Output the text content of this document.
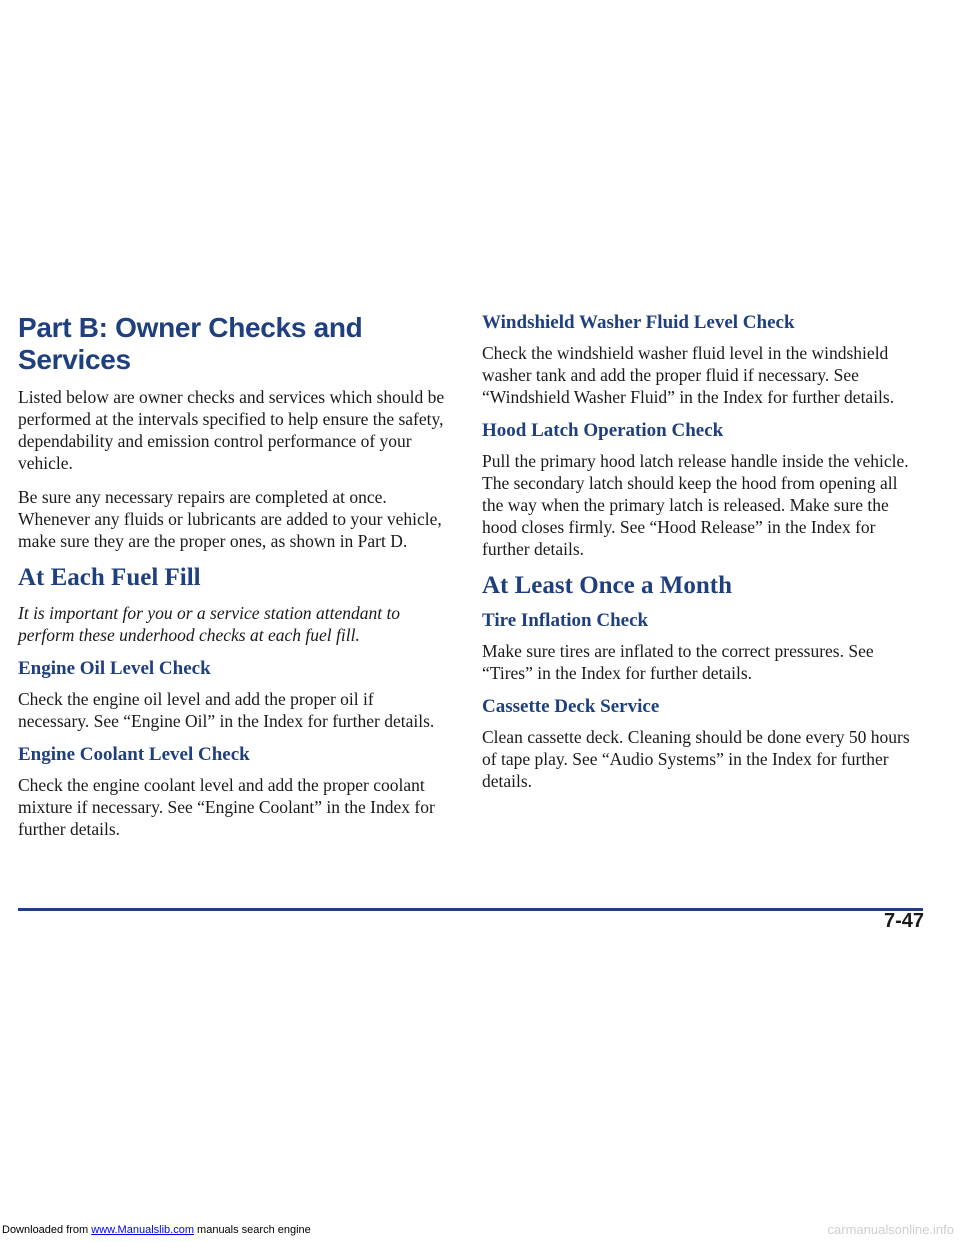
Part B: Owner Checks and Services

Listed below are owner checks and services which should be performed at the intervals specified to help ensure the safety, dependability and emission control performance of your vehicle.

Be sure any necessary repairs are completed at once. Whenever any fluids or lubricants are added to your vehicle, make sure they are the proper ones, as shown in Part D.

At Each Fuel Fill

It is important for you or a service station attendant to perform these underhood checks at each fuel fill.

Engine Oil Level Check

Check the engine oil level and add the proper oil if necessary. See “Engine Oil” in the Index for further details.

Engine Coolant Level Check

Check the engine coolant level and add the proper coolant mixture if necessary. See “Engine Coolant” in the Index for further details.

Windshield Washer Fluid Level Check

Check the windshield washer fluid level in the windshield washer tank and add the proper fluid if necessary. See “Windshield Washer Fluid” in the Index for further details.

Hood Latch Operation Check

Pull the primary hood latch release handle inside the vehicle. The secondary latch should keep the hood from opening all the way when the primary latch is released. Make sure the hood closes firmly. See “Hood Release” in the Index for further details.

At Least Once a Month
Tire Inflation Check

Make sure tires are inflated to the correct pressures. See “Tires” in the Index for further details.

Cassette Deck Service

Clean cassette deck. Cleaning should be done every 50 hours of tape play. See “Audio Systems” in the Index for further details.

7-47
Downloaded from www.Manualslib.com manuals search engine	carmanualsonline.info
